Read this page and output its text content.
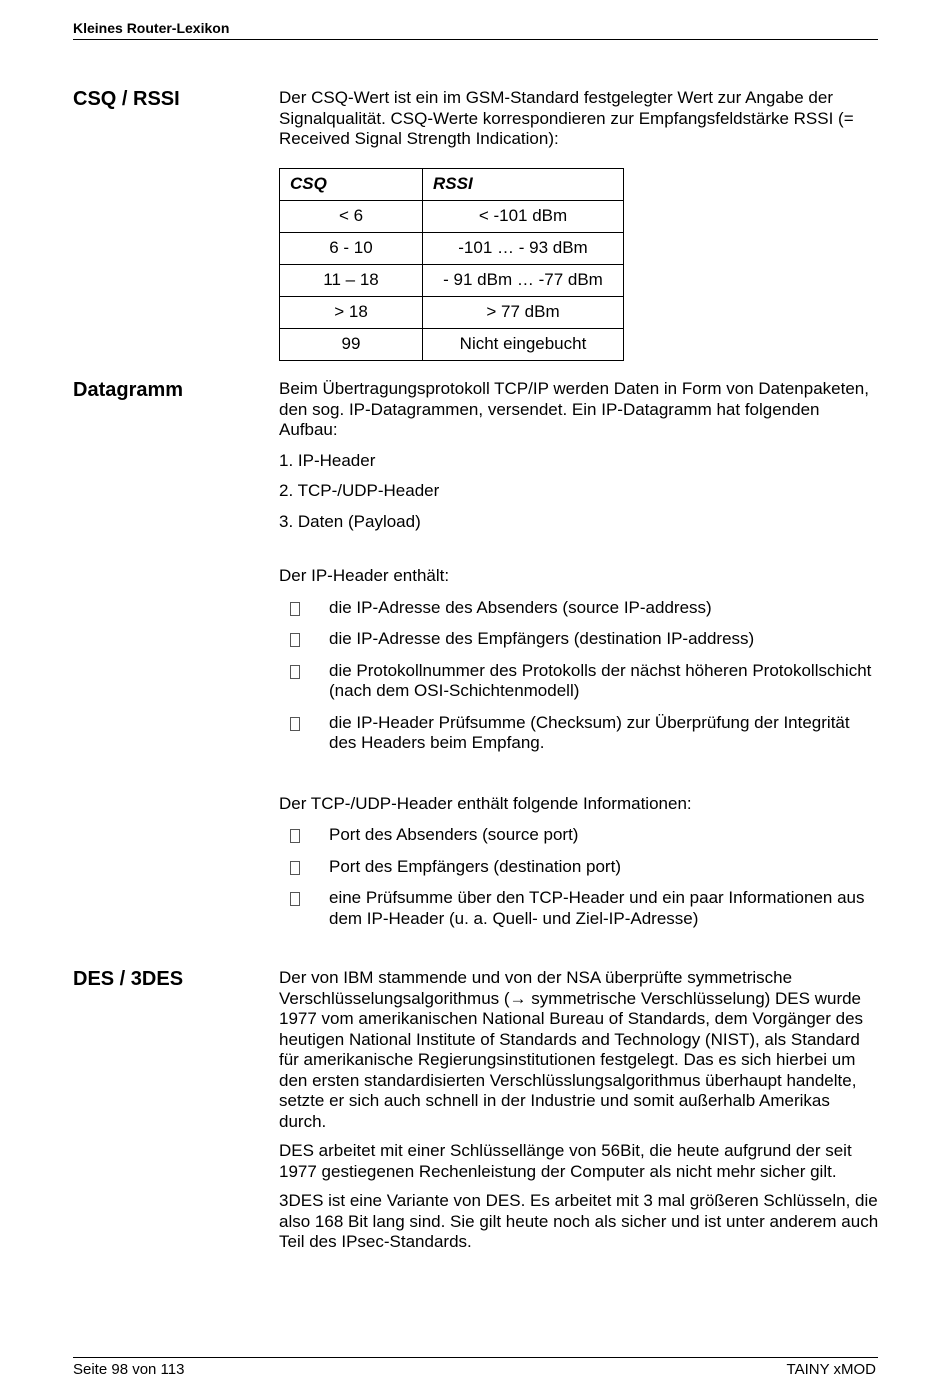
Kleines Router-Lexikon
CSQ / RSSI	Der CSQ-Wert ist ein im GSM-Standard festgelegter Wert zur Angabe der Signalqualität. CSQ-Werte korrespondieren zur Empfangsfeldstärke RSSI (= Received Signal Strength Indication):

CSQ	RSSI
< 6	< -101 dBm
6 - 10	-101 … - 93 dBm
11 – 18	- 91 dBm … -77 dBm
> 18	> 77 dBm
99	Nicht eingebucht
Datagramm	Beim Übertragungsprotokoll TCP/IP werden Daten in Form von Datenpaketen, den sog. IP-Datagrammen, versendet. Ein IP-Datagramm hat folgenden Aufbau:

1. IP-Header
2. TCP-/UDP-Header
3. Daten (Payload)

Der IP-Header enthält:

die IP-Adresse des Absenders (source IP-address)
die IP-Adresse des Empfängers (destination IP-address)
die Protokollnummer des Protokolls der nächst höheren Protokollschicht (nach dem OSI-Schichtenmodell)
die IP-Header Prüfsumme (Checksum) zur Überprüfung der Integrität des Headers beim Empfang.

Der TCP-/UDP-Header enthält folgende Informationen:

Port des Absenders (source port)
Port des Empfängers (destination port)
eine Prüfsumme über den TCP-Header und ein paar Informationen aus dem IP-Header (u. a. Quell- und Ziel-IP-Adresse)
DES / 3DES	Der von IBM stammende und von der NSA überprüfte symmetrische Verschlüsselungsalgorithmus (→ symmetrische Verschlüsselung) DES wurde 1977 vom amerikanischen National Bureau of Standards, dem Vorgänger des heutigen National Institute of Standards and Technology (NIST), als Standard für amerikanische Regierungsinstitutionen festgelegt. Das es sich hierbei um den ersten standardisierten Verschlüsslungsalgorithmus überhaupt handelte, setzte er sich auch schnell in der Industrie und somit außerhalb Amerikas durch.

DES arbeitet mit einer Schlüssellänge von 56Bit, die heute aufgrund der seit 1977 gestiegenen Rechenleistung der Computer als nicht mehr sicher gilt.

3DES ist eine Variante von DES. Es arbeitet mit 3 mal größeren Schlüsseln, die also 168 Bit lang sind. Sie gilt heute noch als sicher und ist unter anderem auch Teil des IPsec-Standards.

Seite 98 von 113	TAINY xMOD
